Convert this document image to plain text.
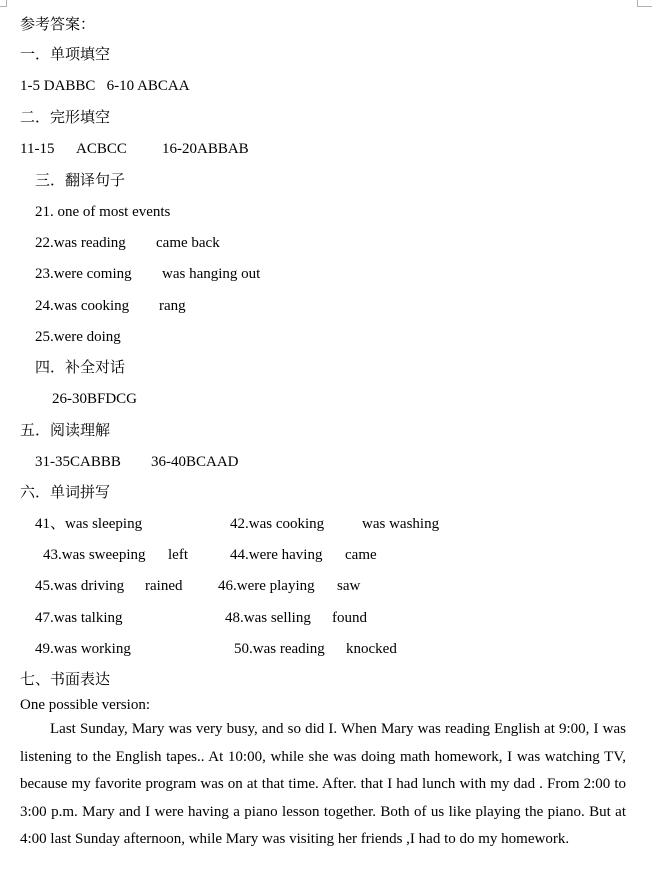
参考答案：
一．单项填空
1-5 DABBC   6-10 ABCAA
二．完形填空
11-15 ACBCC 16-20ABBAB
三．翻译句子
21. one of most events
22.was reading came back
23.were coming was hanging out
24.was cooking rang
25.were doing
四．补全对话
26-30BFDCG
五．阅读理解
31-35CABBB 36-40BCAAD
六．单词拼写
41、was sleeping	42.was cooking	was washing
43.was sweeping left	44.were having came
45.was driving rained 46.were playing saw
47.was talking	48.was selling found
49.was working	50.was reading knocked
七、书面表达
One possible version:
Last Sunday, Mary was very busy, and so did I. When Mary was reading English at 9:00, I was listening to the English tapes.. At 10:00, while she was doing math homework, I was watching TV, because my favorite program was on at that time. After. that I had lunch with my dad . From 2:00 to 3:00 p.m. Mary and I were having a piano lesson together. Both of us like playing the piano. But at 4:00 last Sunday afternoon, while Mary was visiting her friends ,I had to do my homework.
